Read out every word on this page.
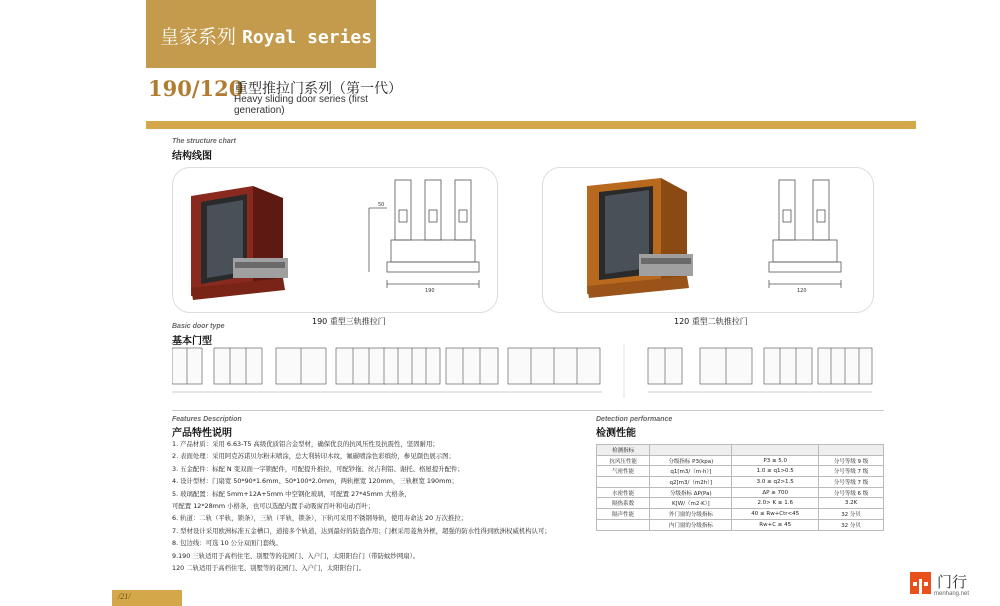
皇家系列 Royal series
190/120
重型推拉门系列（第一代）
Heavy sliding door series (first generation)
The structure chart
结构线图
190
50
190 重型三轨推拉门
120
120 重型二轨推拉门
Basic door type
基本门型
Features Description
产品特性说明

1. 产品材质：采用 6.63-T5 高级优质铝合金型材，确保优良的抗风压性及抗震性，坚固耐用；

2. 表面处理：采用阿克苏诺贝尔粉末喷涂，总大利转印木纹，氟碳喷涂色彩缤纷，参见颜色展示图；

3. 五金配件：标配 N 变双面一字锁配件，可配提升推拉，可配钞拖、丝吉利铝、谢托、格屋提升配件；

4. 设计型材：门扇宽 50*90*1.6mm、50*100*2.0mm，两轨框宽 120mm，三轨框宽 190mm；

5. 玻璃配置：标配 5mm+12A+5mm 中空钢化玻璃，可配置 27*45mm 大格条，

可配置 12*28mm 小格条，也可以选配内置手动吸窗百叶和电动百叶；

6. 轨道：二轨（平轨，锁条），三轨（平轨，锁条），下轨可采用不锈钢导轨，使用寿命达 20 万次推拉；

7. 型材设计采用欧洲标准五金槽口，道接多个轨道，达到最好的防盗作用；门框采用菱角外框，超强的防水性得到欧洲权威机构认可；

8. 包边线：可选 10 公分双面门套线。

9.190 三轨适用于高档住宅、别墅等的花园门、入户门，太阳阳台门（带防蚊纱网扇）。

120 二轨适用于高档住宅、别墅等的花园门、入户门，太阳阳台门。

Detection performance
检测性能
检测指标			
抗风压性能	分级指标 P3(kpa)	P3 ≥ 5.0	分号等级 9 级
气密性能	q1[m3/（m·h）]	1.0 ≥ q1>0.5	分号等级 7 级
	q2[m3/（m2h）]	3.0 ≥ q2>1.5	分号等级 7 级
水密性能	分级指标 ΔP(Pa)	ΔP ≥ 700	分号等级 6 级
隔热系数	K[W/（m2·K）]	2.0> K ≥ 1.6	3.2K
隔声性能	外门窗的分级指标	40 ≤ Rw+Ctr<45	32 分贝
	内门窗的分级指标	Rw+C ≥ 45	32 分贝
/21/
门行
menhang.net
